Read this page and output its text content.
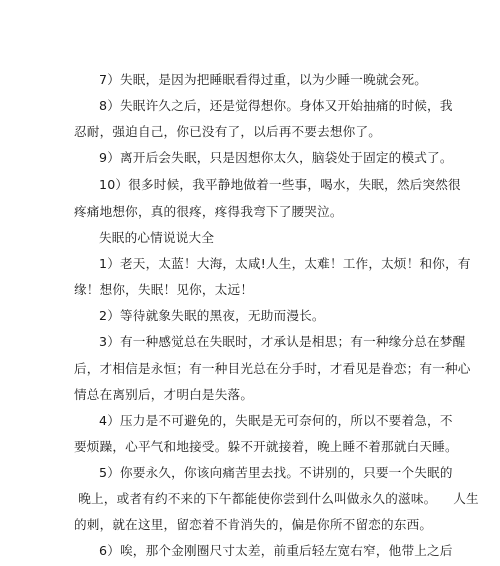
7）失眠，是因为把睡眠看得过重，以为少睡一晚就会死。
8）失眠许久之后，还是觉得想你。身体又开始抽痛的时候，我
忍耐，强迫自己，你已没有了，以后再不要去想你了。
9）离开后会失眠，只是因想你太久，脑袋处于固定的模式了。
10）很多时候，我平静地做着一些事，喝水，失眠，然后突然很
疼痛地想你，真的很疼，疼得我弯下了腰哭泣。
失眠的心情说说大全
1）老天，太蓝！大海，太咸!人生，太难！工作，太烦！和你，有
缘！想你，失眠！见你，太远！
2）等待就象失眠的黑夜，无助而漫长。
3）有一种感觉总在失眠时，才承认是相思；有一种缘分总在梦醒
后，才相信是永恒；有一种目光总在分手时，才看见是眷恋；有一种心
情总在离别后，才明白是失落。
4）压力是不可避免的，失眠是无可奈何的，所以不要着急，不
要烦躁，心平气和地接受。躲不开就接着，晚上睡不着那就白天睡。
5）你要永久，你该向痛苦里去找。不讲别的，只要一个失眠的
晚上，或者有约不来的下午都能使你尝到什么叫做永久的滋味。    人生
的刺，就在这里，留恋着不肯消失的，偏是你所不留恋的东西。
6）唉，那个金刚圈尺寸太差，前重后轻左宽右窄，他带上之后
